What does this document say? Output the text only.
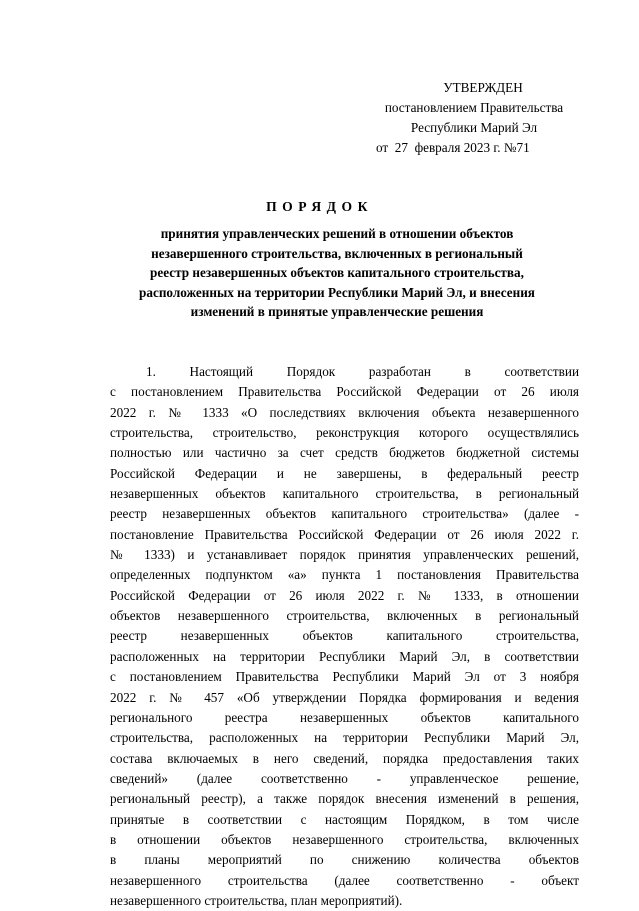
УТВЕРЖДЕН
постановлением Правительства
Республики Марий Эл
от 27 февраля 2023 г. №71
ПОРЯДОК
принятия управленческих решений в отношении объектов
незавершенного строительства, включенных в региональный
реестр незавершенных объектов капитального строительства,
расположенных на территории Республики Марий Эл, и внесения
изменений в принятые управленческие решения
1. Настоящий Порядок разработан в соответствии
с постановлением Правительства Российской Федерации от 26 июля
2022 г. № 1333 «О последствиях включения объекта незавершенного
строительства, строительство, реконструкция которого осуществлялись
полностью или частично за счет средств бюджетов бюджетной системы
Российской Федерации и не завершены, в федеральный реестр
незавершенных объектов капитального строительства, в региональный
реестр незавершенных объектов капитального строительства» (далее -
постановление Правительства Российской Федерации от 26 июля 2022 г.
№ 1333) и устанавливает порядок принятия управленческих решений,
определенных подпунктом «а» пункта 1 постановления Правительства
Российской Федерации от 26 июля 2022 г. № 1333, в отношении
объектов незавершенного строительства, включенных в региональный
реестр незавершенных объектов капитального строительства,
расположенных на территории Республики Марий Эл, в соответствии
с постановлением Правительства Республики Марий Эл от 3 ноября
2022 г. № 457 «Об утверждении Порядка формирования и ведения
регионального реестра незавершенных объектов капитального
строительства, расположенных на территории Республики Марий Эл,
состава включаемых в него сведений, порядка предоставления таких
сведений» (далее соответственно - управленческое решение,
региональный реестр), а также порядок внесения изменений в решения,
принятые в соответствии с настоящим Порядком, в том числе
в отношении объектов незавершенного строительства, включенных
в планы мероприятий по снижению количества объектов
незавершенного строительства (далее соответственно - объект
незавершенного строительства, план мероприятий).
